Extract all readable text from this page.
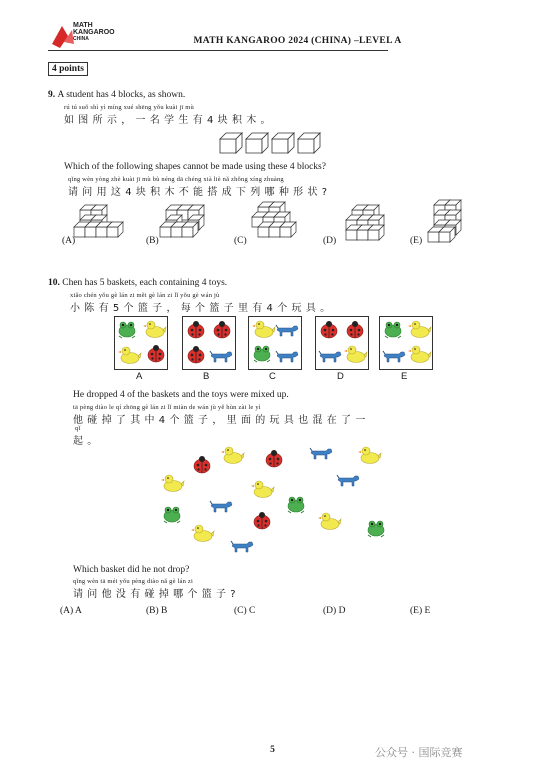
MATH
KANGAROO
CHINA	MATH KANGAROO 2024 (CHINA) –LEVEL A
4 points
9. A student has 4 blocks, as shown.
rú tú suǒ shì yì míng xué shēng yǒu kuài jī mù
如图所示，一名学生有4块积木。
Which of the following shapes cannot be made using these 4 blocks?
qǐng wèn yòng zhè kuài jī mù bù néng dā chéng xià liè nǎ zhǒng xíng zhuàng
请问用这4块积木不能搭成下列哪种形状?
(A)	(B)	(C)	(D)	(E)
10. Chen has 5 baskets, each containing 4 toys.
xiǎo chén yǒu gè lán zi měi gè lán zi lǐ yǒu gè wán jù
小陈有5个篮子，每个篮子里有4个玩具。
A	B	C	D	E
He dropped 4 of the baskets and the toys were mixed up.
tā pèng diào le qí zhōng gè lán zi lǐ miàn de wán jù yě hùn zài le yì
他碰掉了其中4个篮子，里面的玩具也混在了一
qǐ
起。
Which basket did he not drop?
qǐng wèn tā méi yǒu pèng diào nǎ gè lán zi
请问他没有碰掉哪个篮子?
(A) A	(B) B	(C) C	(D) D	(E) E
5	公众号 · 国际竞赛
